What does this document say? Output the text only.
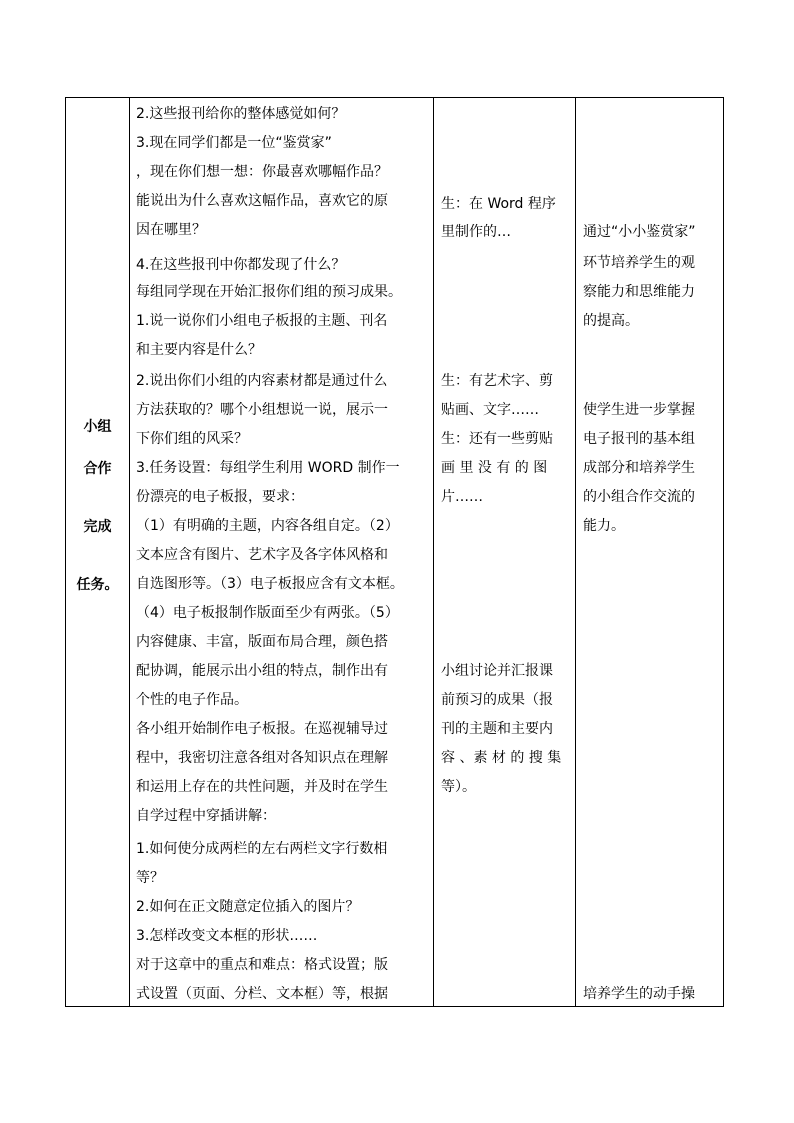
小组
合作
完成
任务。
2.这些报刊给你的整体感觉如何？
3.现在同学们都是一位“鉴赏家”
，现在你们想一想：你最喜欢哪幅作品？
能说出为什么喜欢这幅作品，喜欢它的原
因在哪里？
4.在这些报刊中你都发现了什么？
每组同学现在开始汇报你们组的预习成果。
1.说一说你们小组电子板报的主题、刊名
和主要内容是什么？
2.说出你们小组的内容素材都是通过什么
方法获取的？哪个小组想说一说，展示一
下你们组的风采？
3.任务设置：每组学生利用 WORD 制作一
份漂亮的电子板报，要求：
（1）有明确的主题，内容各组自定。（2）
文本应含有图片、艺术字及各字体风格和
自选图形等。（3）电子板报应含有文本框。
（4）电子板报制作版面至少有两张。（5）
内容健康、丰富，版面布局合理，颜色搭
配协调，能展示出小组的特点，制作出有
个性的电子作品。
各小组开始制作电子板报。在巡视辅导过
程中，我密切注意各组对各知识点在理解
和运用上存在的共性问题，并及时在学生
自学过程中穿插讲解：
1.如何使分成两栏的左右两栏文字行数相
等？
2.如何在正文随意定位插入的图片？
3.怎样改变文本框的形状……
对于这章中的重点和难点：格式设置；版
式设置（页面、分栏、文本框）等，根据
生：在 Word 程序
里制作的…
生：有艺术字、剪
贴画、文字……
生：还有一些剪贴
画 里 没 有 的 图
片……
小组讨论并汇报课
前预习的成果（报
刊的主题和主要内
容 、素 材 的 搜 集
等）。
通过“小小鉴赏家”
环节培养学生的观
察能力和思维能力
的提高。
使学生进一步掌握
电子报刊的基本组
成部分和培养学生
的小组合作交流的
能力。
培养学生的动手操
